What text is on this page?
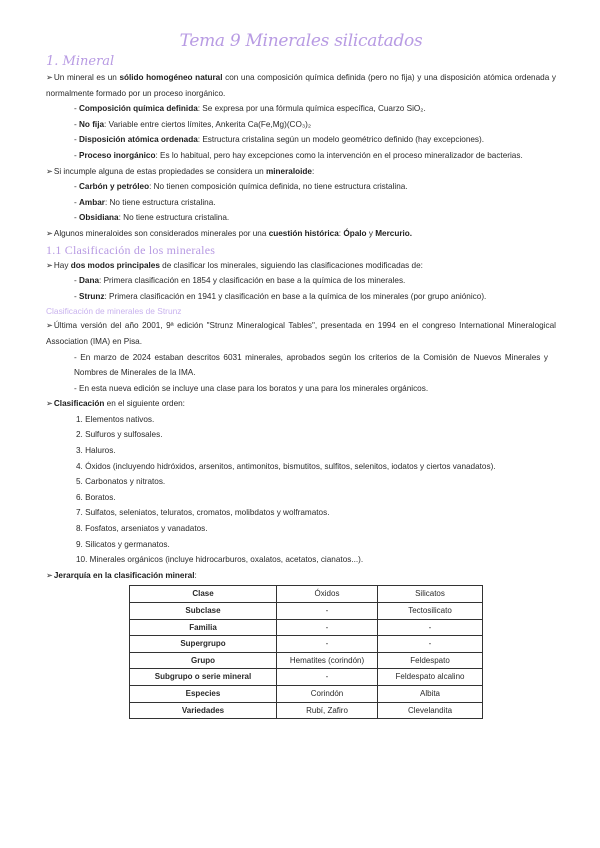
Tema 9 Minerales silicatados
1. Mineral

➢Un mineral es un sólido homogéneo natural con una composición química definida (pero no fija) y una disposición atómica ordenada y normalmente formado por un proceso inorgánico.

- Composición química definida: Se expresa por una fórmula química específica, Cuarzo SiO₂.

- No fija: Variable entre ciertos límites, Ankerita Ca(Fe,Mg)(CO₃)₂

- Disposición atómica ordenada: Estructura cristalina según un modelo geométrico definido (hay excepciones).

- Proceso inorgánico: Es lo habitual, pero hay excepciones como la intervención en el proceso mineralizador de bacterias.

➢Si incumple alguna de estas propiedades se considera un mineraloide:

- Carbón y petróleo: No tienen composición química definida, no tiene estructura cristalina.

- Ambar: No tiene estructura cristalina.

- Obsidiana: No tiene estructura cristalina.

➢Algunos mineraloides son considerados minerales por una cuestión histórica: Ópalo y Mercurio.

1.1 Clasificación de los minerales

➢Hay dos modos principales de clasificar los minerales, siguiendo las clasificaciones modificadas de:

- Dana: Primera clasificación en 1854 y clasificación en base a la química de los minerales.

- Strunz: Primera clasificación en 1941 y clasificación en base a la química de los minerales (por grupo aniónico).

Clasificación de minerales de Strunz

➢Última versión del año 2001, 9ª edición "Strunz Mineralogical Tables", presentada en 1994 en el congreso International Mineralogical Association (IMA) en Pisa.

- En marzo de 2024 estaban descritos 6031 minerales, aprobados según los criterios de la Comisión de Nuevos Minerales y Nombres de Minerales de la IMA.

- En esta nueva edición se incluye una clase para los boratos y una para los minerales orgánicos.

➢Clasificación en el siguiente orden:

1. Elementos nativos.

2. Sulfuros y sulfosales.

3. Haluros.

4. Óxidos (incluyendo hidróxidos, arsenitos, antimonitos, bismutitos, sulfitos, selenitos, iodatos y ciertos vanadatos).

5. Carbonatos y nitratos.

6. Boratos.

7. Sulfatos, seleniatos, teluratos, cromatos, molibdatos y wolframatos.

8. Fosfatos, arseniatos y vanadatos.

9. Silicatos y germanatos.

10. Minerales orgánicos (incluye hidrocarburos, oxalatos, acetatos, cianatos...).

➢Jerarquía en la clasificación mineral:

Clase	Óxidos	Silicatos
Subclase	-	Tectosilicato
Familia	-	-
Supergrupo	-	-
Grupo	Hematites (corindón)	Feldespato
Subgrupo o serie mineral	-	Feldespato alcalino
Especies	Corindón	Albita
Variedades	Rubí, Zafiro	Clevelandita
